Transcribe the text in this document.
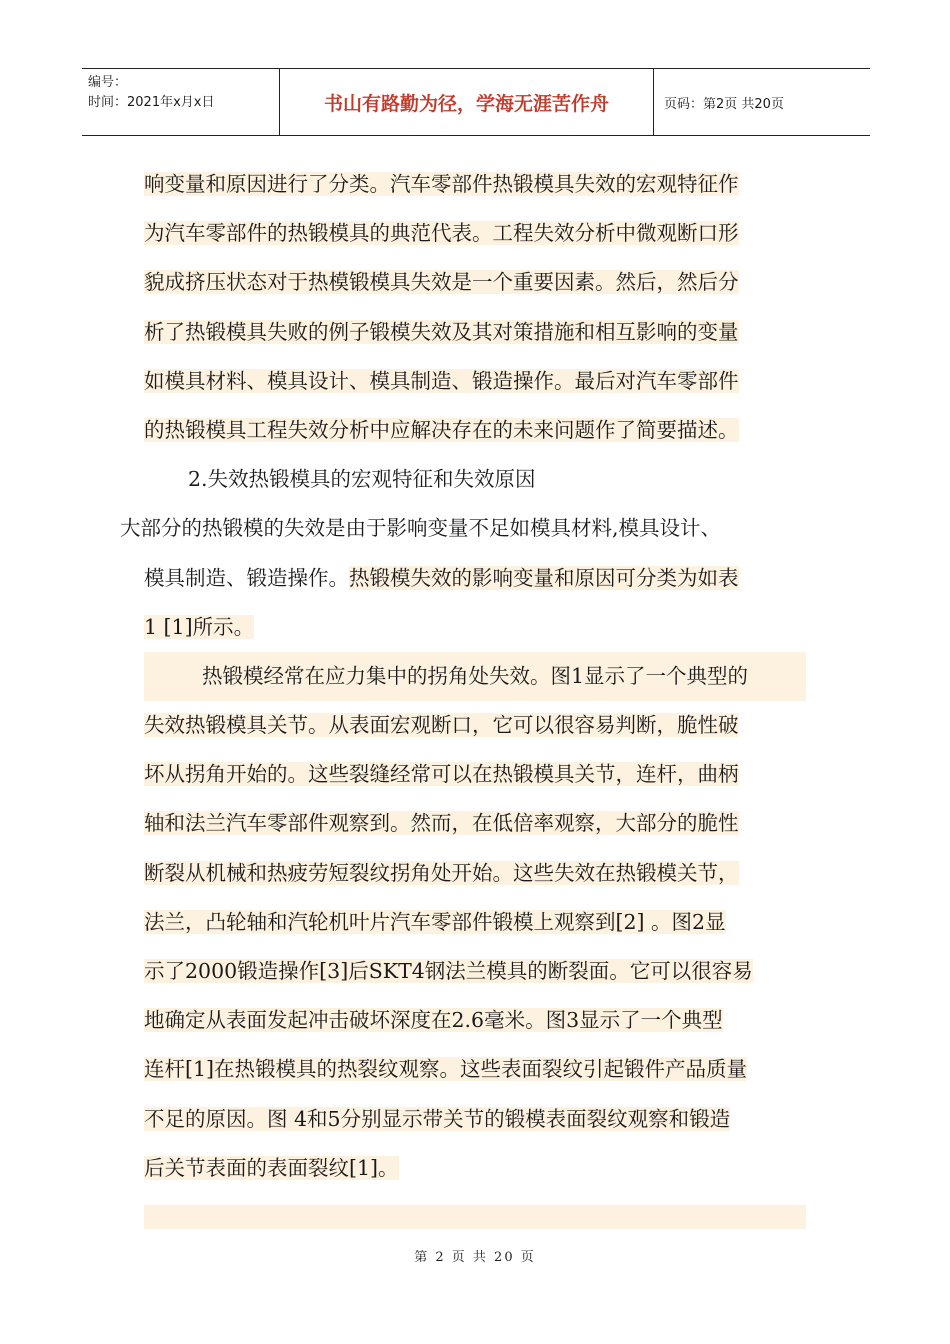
编号：
时间：2021年x月x日	书山有路勤为径，学海无涯苦作舟	页码：第2页 共20页
响变量和原因进行了分类。汽车零部件热锻模具失效的宏观特征作
为汽车零部件的热锻模具的典范代表。工程失效分析中微观断口形
貌成挤压状态对于热模锻模具失效是一个重要因素。然后，然后分
析了热锻模具失败的例子锻模失效及其对策措施和相互影响的变量
如模具材料、模具设计、模具制造、锻造操作。最后对汽车零部件
的热锻模具工程失效分析中应解决存在的未来问题作了简要描述。
2.失效热锻模具的宏观特征和失效原因
大部分的热锻模的失效是由于影响变量不足如模具材料,模具设计、
模具制造、锻造操作。热锻模失效的影响变量和原因可分类为如表
1 [1]所示。
热锻模经常在应力集中的拐角处失效。图1显示了一个典型的
失效热锻模具关节。从表面宏观断口，它可以很容易判断，脆性破
坏从拐角开始的。这些裂缝经常可以在热锻模具关节，连杆，曲柄
轴和法兰汽车零部件观察到。然而，在低倍率观察，大部分的脆性
断裂从机械和热疲劳短裂纹拐角处开始。这些失效在热锻模关节，
法兰，凸轮轴和汽轮机叶片汽车零部件锻模上观察到[2] 。图2显
示了2000锻造操作[3]后SKT4钢法兰模具的断裂面。它可以很容易
地确定从表面发起冲击破坏深度在2.6毫米。图3显示了一个典型
连杆[1]在热锻模具的热裂纹观察。这些表面裂纹引起锻件产品质量
不足的原因。图 4和5分别显示带关节的锻模表面裂纹观察和锻造
后关节表面的表面裂纹[1]。
第 2 页 共 20 页
